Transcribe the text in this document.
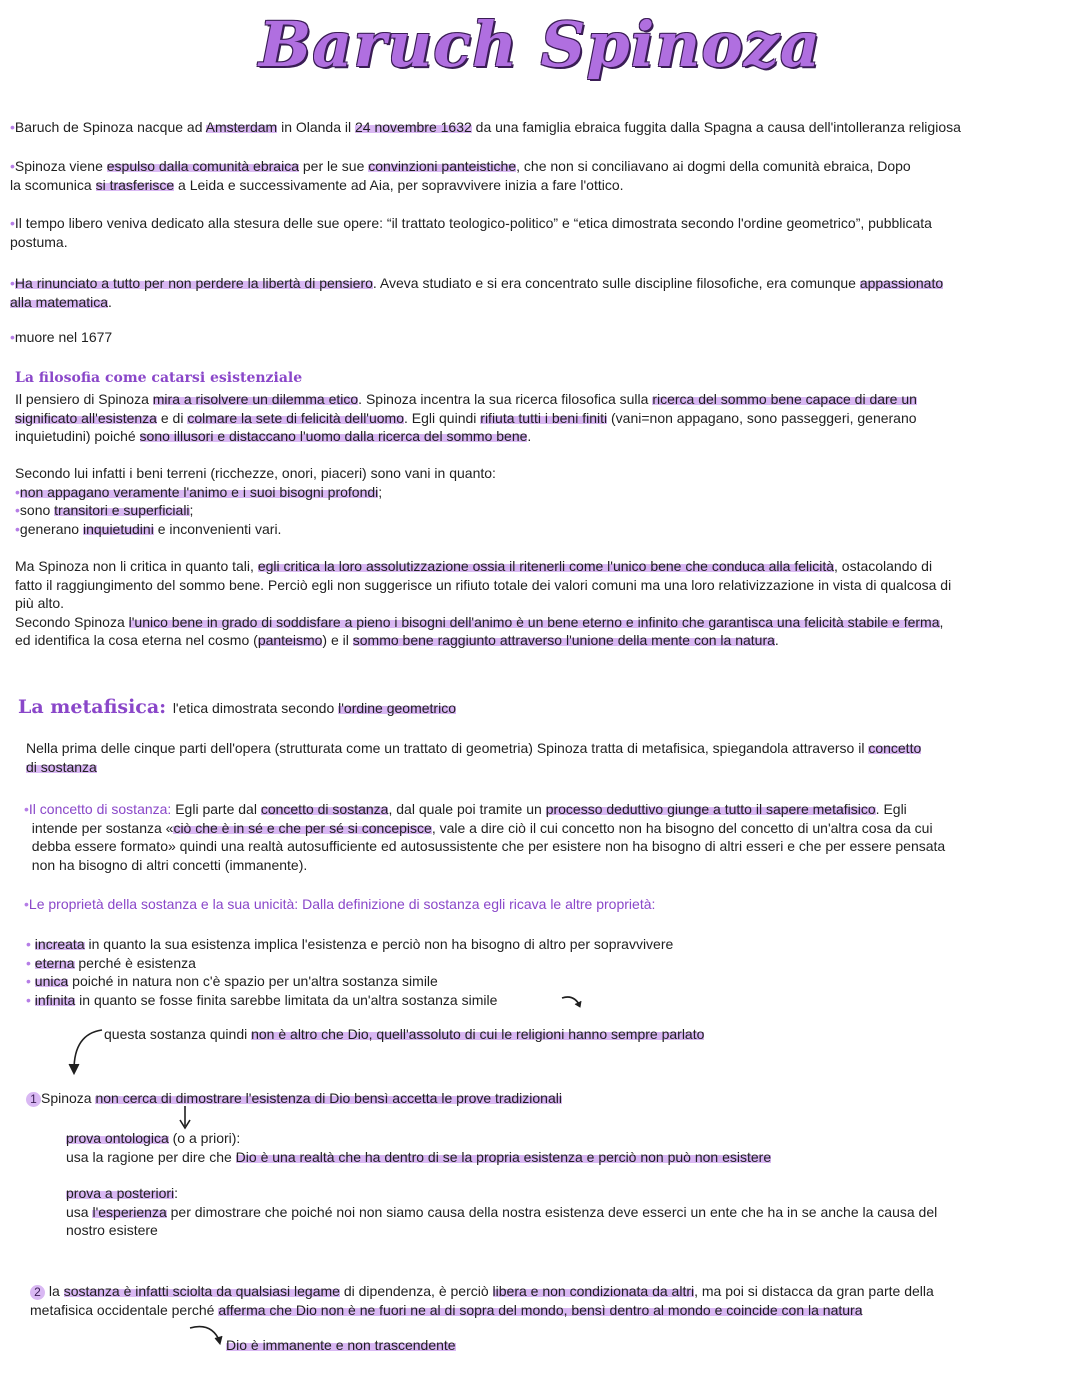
Baruch Spinoza

•Baruch de Spinoza nacque ad Amsterdam in Olanda il 24 novembre 1632 da una famiglia ebraica fuggita dalla Spagna a causa dell'intolleranza religiosa

•Spinoza viene espulso dalla comunità ebraica per le sue convinzioni panteistiche, che non si conciliavano ai dogmi della comunità ebraica, Dopo
la scomunica si trasferisce a Leida e successivamente ad Aia, per sopravvivere inizia a fare l'ottico.

•Il tempo libero veniva dedicato alla stesura delle sue opere: “il trattato teologico-politico” e “etica dimostrata secondo l'ordine geometrico”, pubblicata
postuma.

•Ha rinunciato a tutto per non perdere la libertà di pensiero. Aveva studiato e si era concentrato sulle discipline filosofiche, era comunque appassionato
alla matematica.

•muore nel 1677

La filosofia come catarsi esistenziale

Il pensiero di Spinoza mira a risolvere un dilemma etico. Spinoza incentra la sua ricerca filosofica sulla ricerca del sommo bene capace di dare un
significato all'esistenza e di colmare la sete di felicità dell'uomo. Egli quindi rifiuta tutti i beni finiti (vani=non appagano, sono passeggeri, generano
inquietudini) poiché sono illusori e distaccano l'uomo dalla ricerca del sommo bene.

Secondo lui infatti i beni terreni (ricchezze, onori, piaceri) sono vani in quanto:
•non appagano veramente l'animo e i suoi bisogni profondi;
•sono transitori e superficiali;
•generano inquietudini e inconvenienti vari.

Ma Spinoza non li critica in quanto tali, egli critica la loro assolutizzazione ossia il ritenerli come l'unico bene che conduca alla felicità, ostacolando di
fatto il raggiungimento del sommo bene. Perciò egli non suggerisce un rifiuto totale dei valori comuni ma una loro relativizzazione in vista di qualcosa di
più alto.
Secondo Spinoza l'unico bene in grado di soddisfare a pieno i bisogni dell'animo è un bene eterno e infinito che garantisca una felicità stabile e ferma,
ed identifica la cosa eterna nel cosmo (panteismo) e il sommo bene raggiunto attraverso l'unione della mente con la natura.

La metafisica: l'etica dimostrata secondo l'ordine geometrico

Nella prima delle cinque parti dell'opera (strutturata come un trattato di geometria) Spinoza tratta di metafisica, spiegandola attraverso il concetto
di sostanza

•Il concetto di sostanza: Egli parte dal concetto di sostanza, dal quale poi tramite un processo deduttivo giunge a tutto il sapere metafisico. Egli
intende per sostanza «ciò che è in sé e che per sé si concepisce, vale a dire ciò il cui concetto non ha bisogno del concetto di un'altra cosa da cui
debba essere formato» quindi una realtà autosufficiente ed autosussistente che per esistere non ha bisogno di altri esseri e che per essere pensata
non ha bisogno di altri concetti (immanente).

•Le proprietà della sostanza e la sua unicità: Dalla definizione di sostanza egli ricava le altre proprietà:

• increata in quanto la sua esistenza implica l'esistenza e perciò non ha bisogno di altro per sopravvivere
• eterna perché è esistenza
• unica poiché in natura non c'è spazio per un'altra sostanza simile
• infinita in quanto se fosse finita sarebbe limitata da un'altra sostanza simile

questa sostanza quindi non è altro che Dio, quell'assoluto di cui le religioni hanno sempre parlato

1 Spinoza non cerca di dimostrare l'esistenza di Dio bensì accetta le prove tradizionali

prova ontologica (o a priori):
usa la ragione per dire che Dio è una realtà che ha dentro di se la propria esistenza e perciò non può non esistere

prova a posteriori:
usa l'esperienza per dimostrare che poiché noi non siamo causa della nostra esistenza deve esserci un ente che ha in se anche la causa del
nostro esistere

2 la sostanza è infatti sciolta da qualsiasi legame di dipendenza, è perciò libera e non condizionata da altri, ma poi si distacca da gran parte della
metafisica occidentale perché afferma che Dio non è ne fuori ne al di sopra del mondo, bensì dentro al mondo e coincide con la natura

Dio è immanente e non trascendente
